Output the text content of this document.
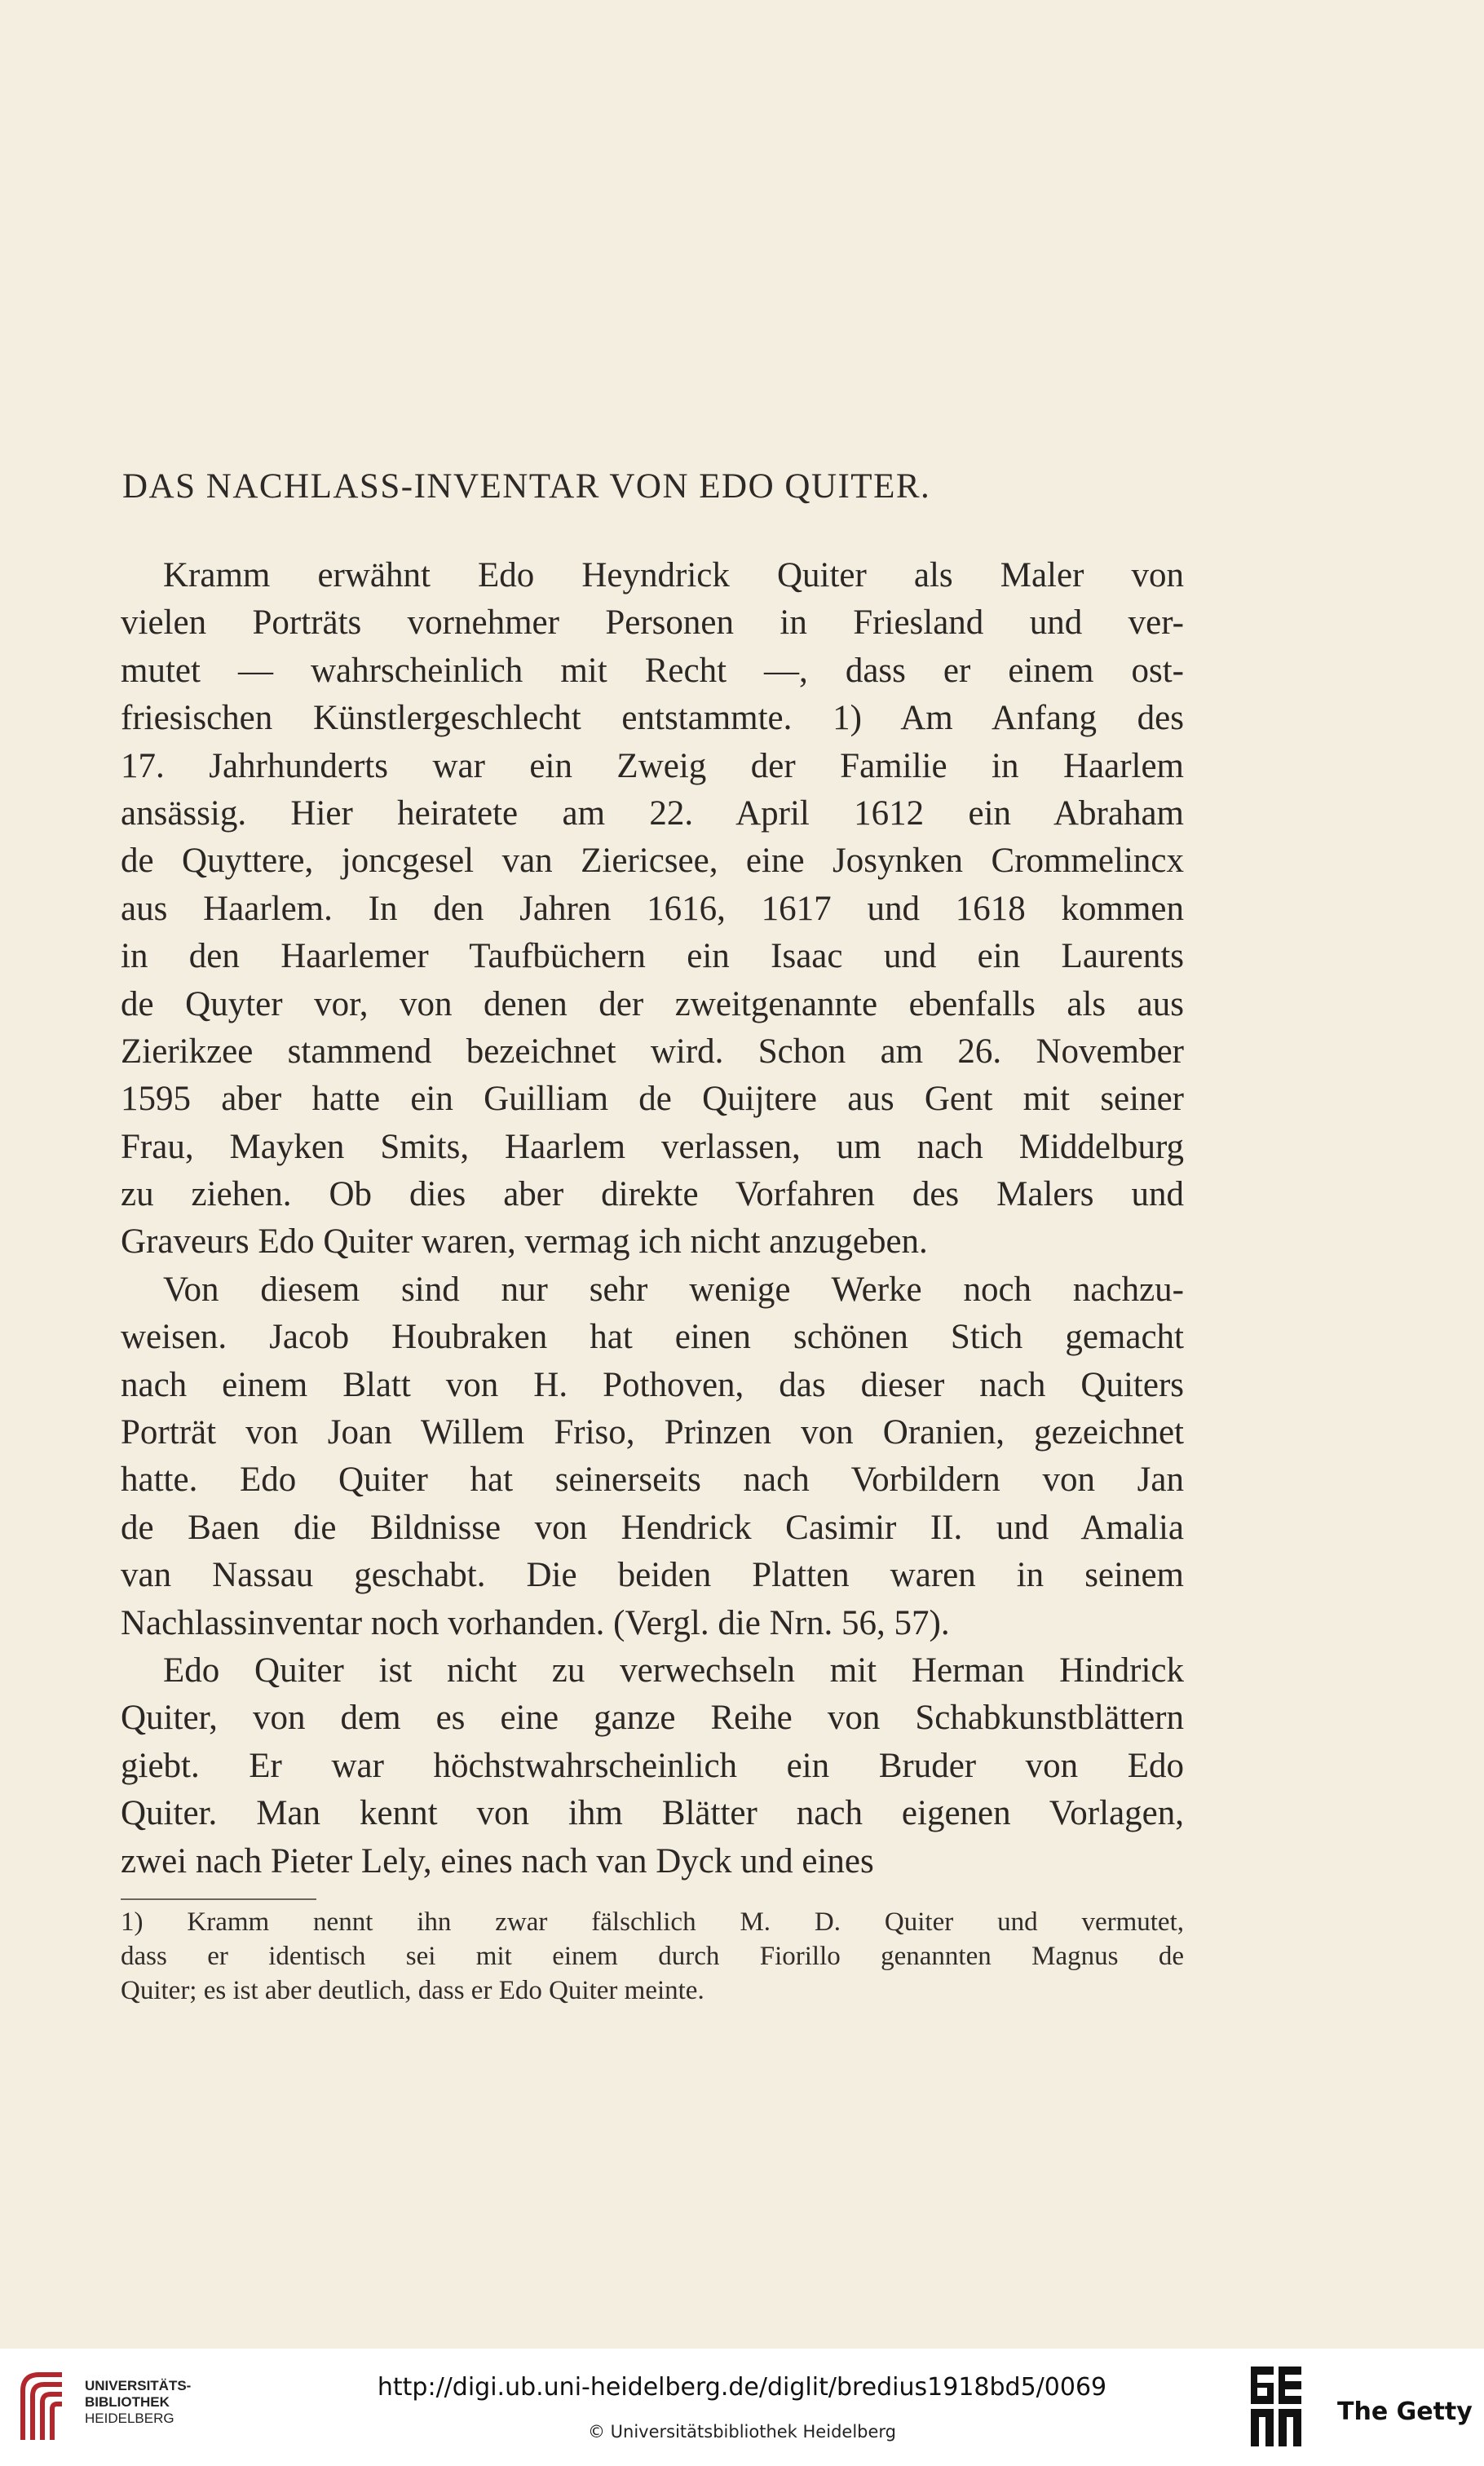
DAS NACHLASS-INVENTAR VON EDO QUITER.
Kramm erwähnt Edo Heyndrick Quiter als Maler von
vielen Porträts vornehmer Personen in Friesland und ver-
mutet — wahrscheinlich mit Recht —, dass er einem ost-
friesischen Künstlergeschlecht entstammte. 1) Am Anfang des
17. Jahrhunderts war ein Zweig der Familie in Haarlem
ansässig. Hier heiratete am 22. April 1612 ein Abraham
de Quyttere, joncgesel van Ziericsee, eine Josynken Crommelincx
aus Haarlem. In den Jahren 1616, 1617 und 1618 kommen
in den Haarlemer Taufbüchern ein Isaac und ein Laurents
de Quyter vor, von denen der zweitgenannte ebenfalls als aus
Zierikzee stammend bezeichnet wird. Schon am 26. November
1595 aber hatte ein Guilliam de Quijtere aus Gent mit seiner
Frau, Mayken Smits, Haarlem verlassen, um nach Middelburg
zu ziehen. Ob dies aber direkte Vorfahren des Malers und
Graveurs Edo Quiter waren, vermag ich nicht anzugeben.
Von diesem sind nur sehr wenige Werke noch nachzu-
weisen. Jacob Houbraken hat einen schönen Stich gemacht
nach einem Blatt von H. Pothoven, das dieser nach Quiters
Porträt von Joan Willem Friso, Prinzen von Oranien, gezeichnet
hatte. Edo Quiter hat seinerseits nach Vorbildern von Jan
de Baen die Bildnisse von Hendrick Casimir II. und Amalia
van Nassau geschabt. Die beiden Platten waren in seinem
Nachlassinventar noch vorhanden. (Vergl. die Nrn. 56, 57).
Edo Quiter ist nicht zu verwechseln mit Herman Hindrick
Quiter, von dem es eine ganze Reihe von Schabkunstblättern
giebt. Er war höchstwahrscheinlich ein Bruder von Edo
Quiter. Man kennt von ihm Blätter nach eigenen Vorlagen,
zwei nach Pieter Lely, eines nach van Dyck und eines
1) Kramm nennt ihn zwar fälschlich M. D. Quiter und vermutet,
dass er identisch sei mit einem durch Fiorillo genannten Magnus de
Quiter; es ist aber deutlich, dass er Edo Quiter meinte.
UNIVERSITÄTS-
BIBLIOTHEK
HEIDELBERG
http://digi.ub.uni-heidelberg.de/diglit/bredius1918bd5/0069
© Universitätsbibliothek Heidelberg
The Getty
